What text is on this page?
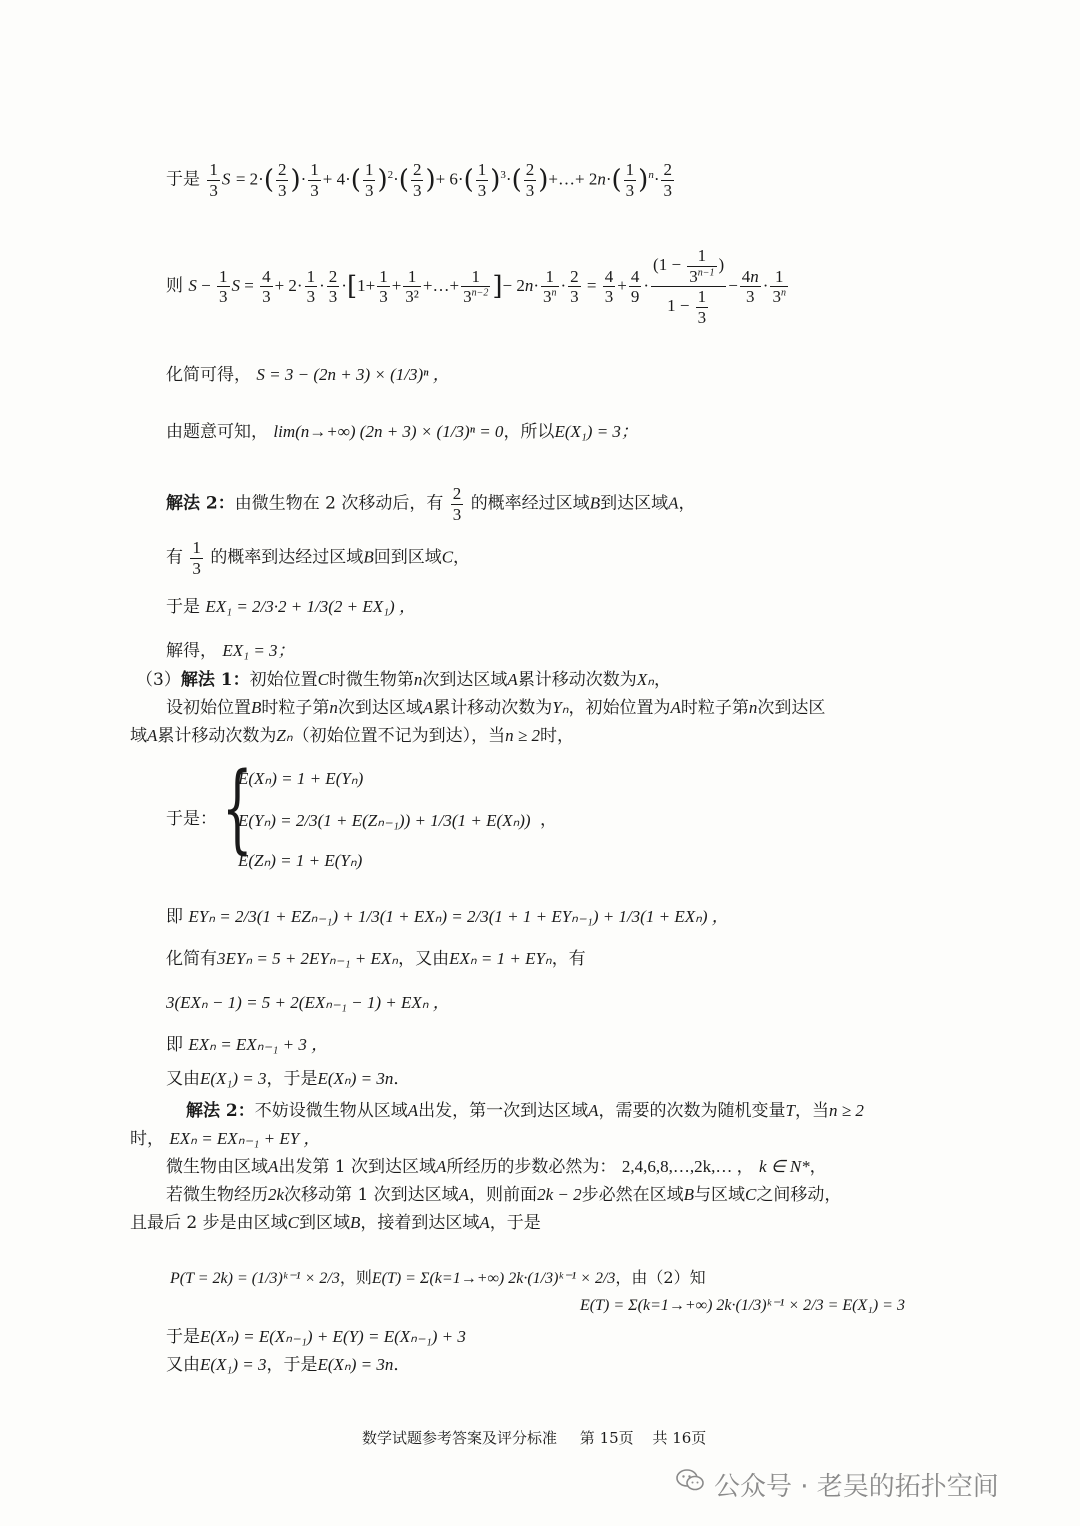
于是 $\frac{1}{3}$ $S = 2\cdot( \frac{2}{3}$ )· $\frac{1}{3} + 4\cdot( \frac{1}{3} )^2\cdot( \frac{2}{3}$ )+ $6\cdot( \frac{1}{3} )^3\cdot( \frac{2}{3}$ )+…+ $2n\cdot( \frac{1}{3} )^n\cdot \frac{2}{3}$
则 $S - \frac{1}{3}$ $S = \frac{4}{3} + 2\cdot \frac{1}{3} \cdot \frac{2}{3} \cdot[1+ \frac{1}{3} + \frac{1}{\text{3²}}$ +…+ $\frac{1}{3^{n-2}}$ ]− $2n\cdot \frac{1}{3^n} \cdot \frac{2}{3} = \frac{4}{3} + \frac{4}{9} \cdot \frac{(1 - \frac{1}{3^{n-1}} )}{1 - \frac{1}{3}} - \frac{4n}{3} \cdot \frac{1}{3^n}$
化简可得， S = 3 − (2n + 3) × (1/3)ⁿ ，
由题意可知， lim(n→+∞) (2n + 3) × (1/3)ⁿ = 0，所以E(X₁) = 3；
解法 2：由微生物在 2 次移动后，有 $\frac{2}{3}$ 的概率经过区域B到达区域A，
有 $\frac{1}{3}$ 的概率到达经过区域B回到区域C，
于是 EX₁ = 2/3·2 + 1/3(2 + EX₁) ，
解得， EX₁ = 3；
（3）解法 1：初始位置C时微生物第n次到达区域A累计移动次数为Xₙ，
设初始位置B时粒子第n次到达区域A累计移动次数为Yₙ，初始位置为A时粒子第n次到达区
域A累计移动次数为Zₙ（初始位置不记为到达），当n ≥ 2时，
于是： {
E(Xₙ) = 1 + E(Yₙ)
E(Yₙ) = 2/3(1 + E(Zₙ₋₁)) + 1/3(1 + E(Xₙ)) ，
E(Zₙ) = 1 + E(Yₙ)
即 EYₙ = 2/3(1 + EZₙ₋₁) + 1/3(1 + EXₙ) = 2/3(1 + 1 + EYₙ₋₁) + 1/3(1 + EXₙ) ，
化简有3EYₙ = 5 + 2EYₙ₋₁ + EXₙ，又由EXₙ = 1 + EYₙ，有
3(EXₙ − 1) = 5 + 2(EXₙ₋₁ − 1) + EXₙ ，
即 EXₙ = EXₙ₋₁ + 3 ，
又由E(X₁) = 3，于是E(Xₙ) = 3n．
解法 2：不妨设微生物从区域A出发，第一次到达区域A，需要的次数为随机变量T，当n ≥ 2
时， EXₙ = EXₙ₋₁ + EY ，
微生物由区域A出发第 1 次到达区域A所经历的步数必然为： 2,4,6,8,…,2k,… ， k ∈ N*，
若微生物经历2k次移动第 1 次到达区域A，则前面2k − 2步必然在区域B与区域C之间移动，
且最后 2 步是由区域C到区域B，接着到达区域A，于是
P(T = 2k) = (1/3)ᵏ⁻¹ × 2/3，则E(T) = Σ(k=1→+∞) 2k·(1/3)ᵏ⁻¹ × 2/3，由（2）知
E(T) = Σ(k=1→+∞) 2k·(1/3)ᵏ⁻¹ × 2/3 = E(X₁) = 3
于是E(Xₙ) = E(Xₙ₋₁) + E(Y) = E(Xₙ₋₁) + 3
又由E(X₁) = 3，于是E(Xₙ) = 3n．
数学试题参考答案及评分标准 第 15页 共 16页
公众号 · 老吴的拓扑空间
